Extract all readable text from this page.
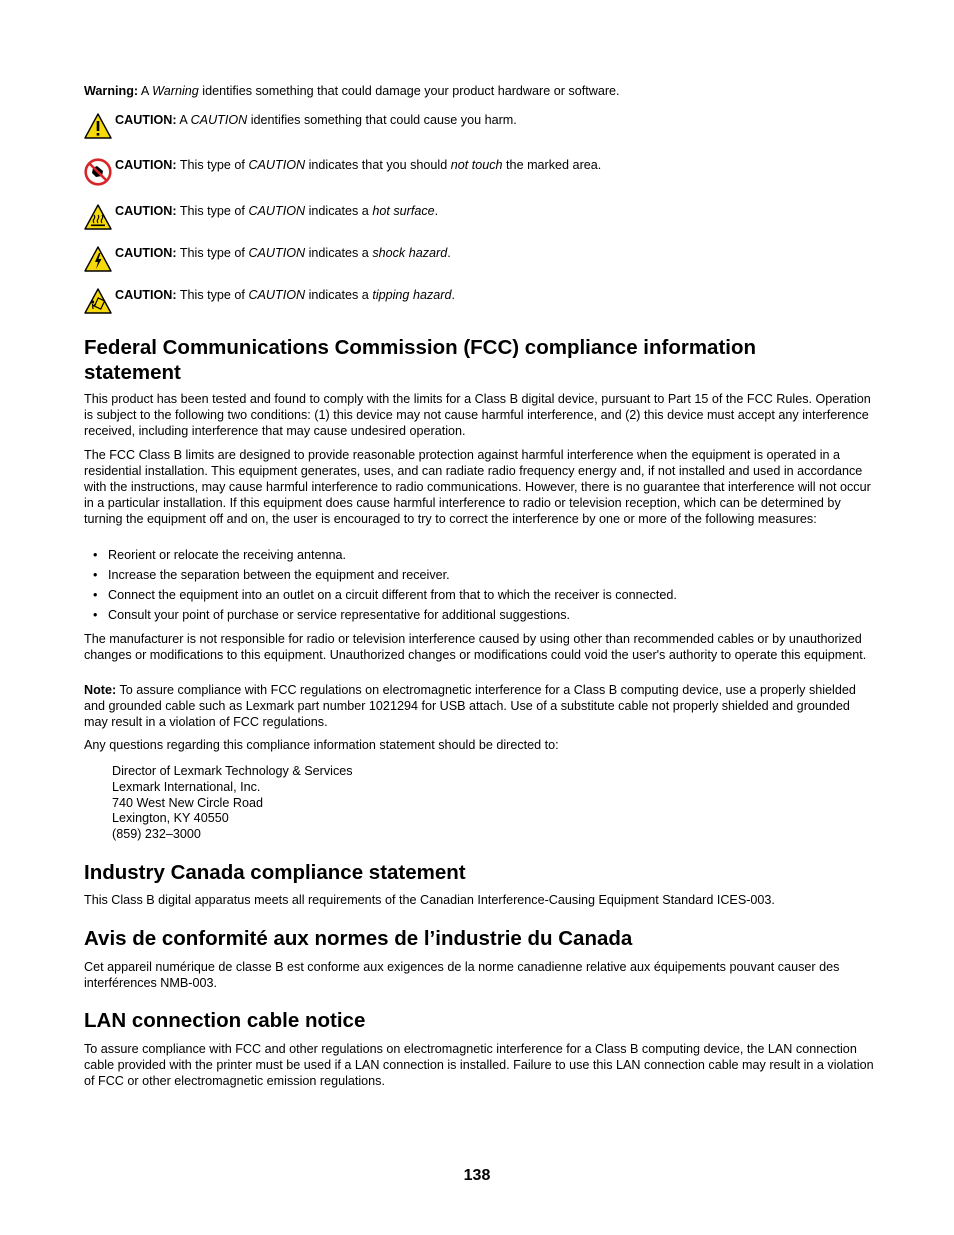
Warning: A Warning identifies something that could damage your product hardware or software.
CAUTION: A CAUTION identifies something that could cause you harm.
CAUTION: This type of CAUTION indicates that you should not touch the marked area.
CAUTION: This type of CAUTION indicates a hot surface.
CAUTION: This type of CAUTION indicates a shock hazard.
CAUTION: This type of CAUTION indicates a tipping hazard.
Federal Communications Commission (FCC) compliance information statement

This product has been tested and found to comply with the limits for a Class B digital device, pursuant to Part 15 of the FCC Rules. Operation is subject to the following two conditions: (1) this device may not cause harmful interference, and (2) this device must accept any interference received, including interference that may cause undesired operation.

The FCC Class B limits are designed to provide reasonable protection against harmful interference when the equipment is operated in a residential installation. This equipment generates, uses, and can radiate radio frequency energy and, if not installed and used in accordance with the instructions, may cause harmful interference to radio communications. However, there is no guarantee that interference will not occur in a particular installation. If this equipment does cause harmful interference to radio or television reception, which can be determined by turning the equipment off and on, the user is encouraged to try to correct the interference by one or more of the following measures:

• Reorient or relocate the receiving antenna.
• Increase the separation between the equipment and receiver.
• Connect the equipment into an outlet on a circuit different from that to which the receiver is connected.
• Consult your point of purchase or service representative for additional suggestions.

The manufacturer is not responsible for radio or television interference caused by using other than recommended cables or by unauthorized changes or modifications to this equipment. Unauthorized changes or modifications could void the user's authority to operate this equipment.

Note: To assure compliance with FCC regulations on electromagnetic interference for a Class B computing device, use a properly shielded and grounded cable such as Lexmark part number 1021294 for USB attach. Use of a substitute cable not properly shielded and grounded may result in a violation of FCC regulations.

Any questions regarding this compliance information statement should be directed to:

Director of Lexmark Technology & Services
Lexmark International, Inc.
740 West New Circle Road
Lexington, KY 40550
(859) 232–3000
Industry Canada compliance statement

This Class B digital apparatus meets all requirements of the Canadian Interference-Causing Equipment Standard ICES-003.

Avis de conformité aux normes de l’industrie du Canada

Cet appareil numérique de classe B est conforme aux exigences de la norme canadienne relative aux équipements pouvant causer des interférences NMB-003.

LAN connection cable notice

To assure compliance with FCC and other regulations on electromagnetic interference for a Class B computing device, the LAN connection cable provided with the printer must be used if a LAN connection is installed. Failure to use this LAN connection cable may result in a violation of FCC or other electromagnetic emission regulations.

138
